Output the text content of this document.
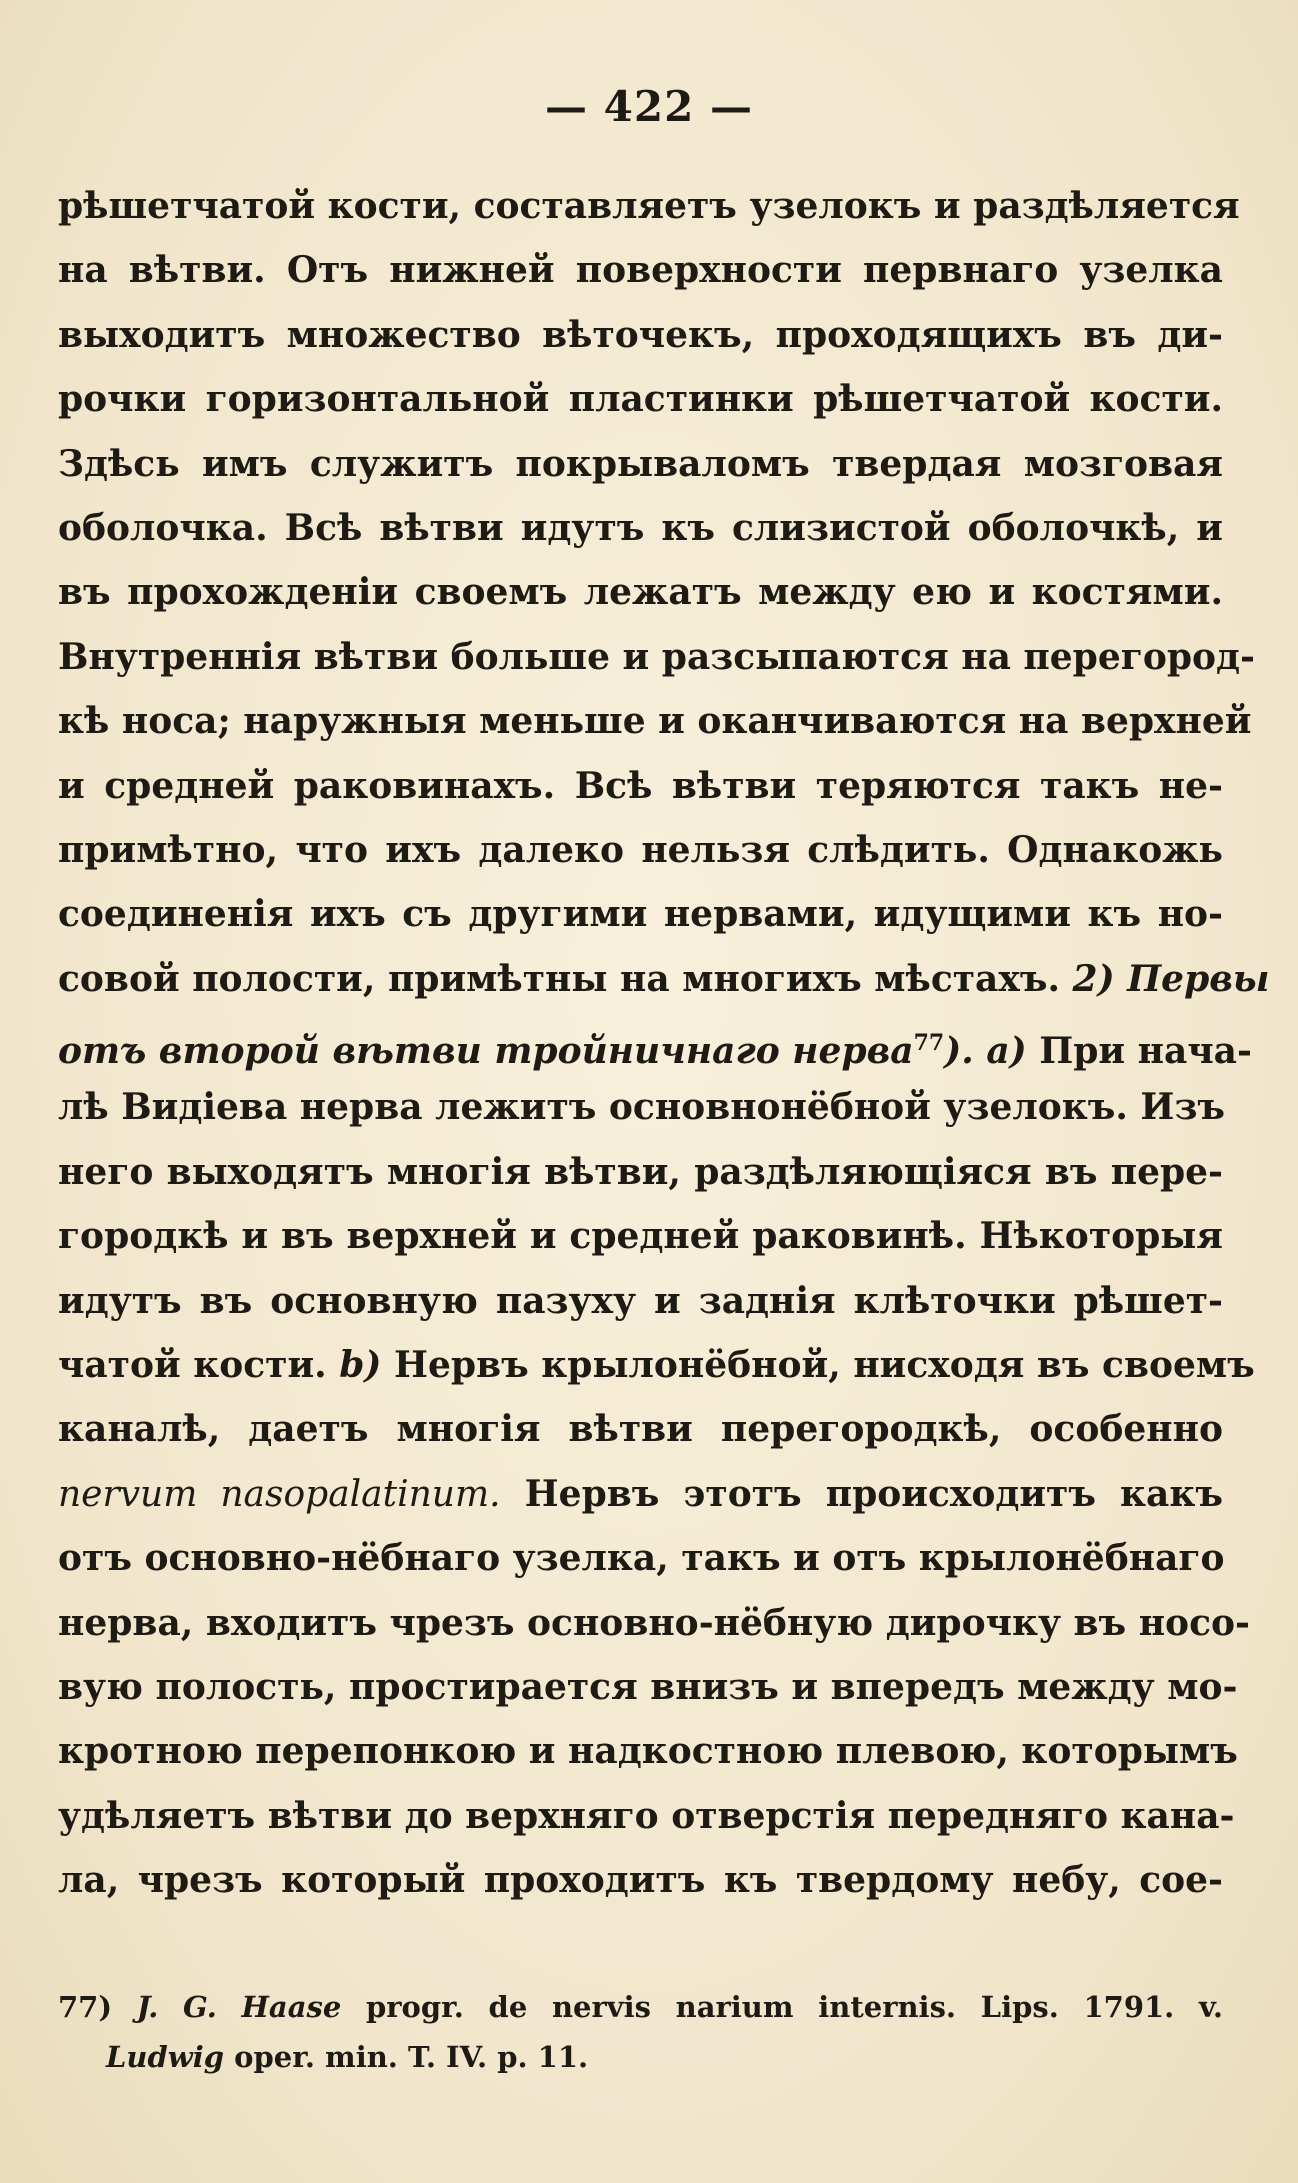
— 422 —
рѣшетчатой кости, составляетъ узелокъ и раздѣляется
на вѣтви. Отъ нижней поверхности первнаго узелка
выходитъ множество вѣточекъ, проходящихъ въ ди-
рочки горизонтальной пластинки рѣшетчатой кости.
Здѣсь имъ служитъ покрываломъ твердая мозговая
оболочка. Всѣ вѣтви идутъ къ слизистой оболочкѣ, и
въ прохожденіи своемъ лежатъ между ею и костями.
Внутреннія вѣтви больше и разсыпаются на перегород-
кѣ носа; наружныя меньше и оканчиваются на верхней
и средней раковинахъ. Всѣ вѣтви теряются такъ не-
примѣтно, что ихъ далеко нельзя слѣдить. Однакожь
соединенія ихъ съ другими нервами, идущими къ но-
совой полости, примѣтны на многихъ мѣстахъ. 2) Первы
отъ второй вѣтви тройничнаго нерва$^{77}$). a) При нача-
лѣ Видіева нерва лежитъ основнонёбной узелокъ. Изъ
него выходятъ многія вѣтви, раздѣляющіяся въ пере-
городкѣ и въ верхней и средней раковинѣ. Нѣкоторыя
идутъ въ основную пазуху и заднія клѣточки рѣшет-
чатой кости. b) Нервъ крылонёбной, нисходя въ своемъ
каналѣ, даетъ многія вѣтви перегородкѣ, особенно
nervum nasopalatinum. Нервъ этотъ происходитъ какъ
отъ основно-нёбнаго узелка, такъ и отъ крылонёбнаго
нерва, входитъ чрезъ основно-нёбную дирочку въ носо-
вую полость, простирается внизъ и впередъ между мо-
кротною перепонкою и надкостною плевою, которымъ
удѣляетъ вѣтви до верхняго отверстія передняго кана-
ла, чрезъ который проходитъ къ твердому небу, сое-
77) J. G. Haase progr. de nervis narium internis. Lips. 1791. v.
Ludwig oper. min. T. IV. p. 11.
